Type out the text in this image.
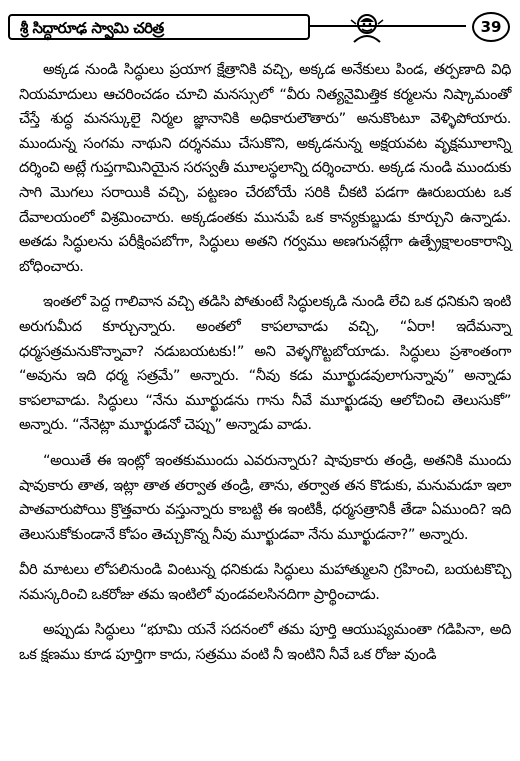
శ్రీ సిద్ధారూఢ స్వామి చరిత్ర	39

అక్కడ నుండి సిద్ధులు ప్రయాగ క్షేత్రానికి వచ్చి, అక్కడ అనేకులు పిండ, తర్పణాది విధి నియమాదులు ఆచరించడం చూచి మనస్సులో “వీరు నిత్యనైమిత్తిక కర్మలను నిష్కామంతో చేస్తే శుద్ధ మనస్కులై నిర్మల జ్ఞానానికి అధికారులౌతారు” అనుకొంటూ వెళ్ళిపోయారు. ముందున్న సంగమ నాథుని దర్శనము చేసుకొని, అక్కడనున్న అక్షయవట వృక్షమూలాన్ని దర్శించి అట్లే గుప్తగామినియైన సరస్వతీ మూలస్థలాన్ని దర్శించారు. అక్కడ నుండి ముందుకు సాగి మొగలు సరాయికి వచ్చి, పట్టణం చేరబోయే సరికి చీకటి పడగా ఊరుబయట ఒక దేవాలయంలో విశ్రమించారు. అక్కడంతకు మునుపే ఒక కాన్యకుబ్జుడు కూర్చుని ఉన్నాడు. అతడు సిద్ధులను పరీక్షింపబోగా, సిద్ధులు అతని గర్వము అణగునట్లేగా ఉత్ప్రేక్షాలంకారాన్ని బోధించారు.

ఇంతలో పెద్ద గాలివాన వచ్చి తడిసి పోతుంటే సిద్ధులక్కడి నుండి లేచి ఒక ధనికుని ఇంటి అరుగుమీద కూర్చున్నారు. అంతలో కాపలావాడు వచ్చి, “ఏరా! ఇదేమన్నా ధర్మసత్రమనుకొన్నావా? నడుబయటకు!” అని వెళ్ళగొట్టబోయాడు. సిద్ధులు ప్రశాంతంగా “అవును ఇది ధర్మ సత్రమే” అన్నారు. “నీవు కడు మూర్ఖుడవులాగున్నావు” అన్నాడు కాపలావాడు. సిద్ధులు “నేను మూర్ఖుడను గాను నీవే మూర్ఖుడవు ఆలోచించి తెలుసుకో” అన్నారు. “నేనెట్లా మూర్ఖుడనో చెప్పు” అన్నాడు వాడు.

“అయితే ఈ ఇంట్లో ఇంతకుముందు ఎవరున్నారు? షావుకారు తండ్రి, అతనికి ముందు షావుకారు తాత, ఇట్లా తాత తర్వాత తండ్రి, తాను, తర్వాత తన కొడుకు, మనుమడూ ఇలా పాతవారుపోయి క్రొత్తవారు వస్తున్నారు కాబట్టి ఈ ఇంటికీ, ధర్మసత్రానికీ తేడా ఏముంది? ఇది తెలుసుకోకుండానే కోపం తెచ్చుకొన్న నీవు మూర్ఖుడవా నేను మూర్ఖుడనా?” అన్నారు.

వీరి మాటలు లోపలినుండి వింటున్న ధనికుడు సిద్ధులు మహాత్ములని గ్రహించి, బయటకొచ్చి నమస్కరించి ఒకరోజు తమ ఇంటిలో వుండవలసినదిగా ప్రార్థించాడు.

అప్పుడు సిద్ధులు “భూమి యనే సదనంలో తమ పూర్తి ఆయుష్యమంతా గడిపినా, అది ఒక క్షణము కూడ పూర్తిగా కాదు, సత్రము వంటి నీ ఇంటిని నీవే ఒక రోజు వుండి
